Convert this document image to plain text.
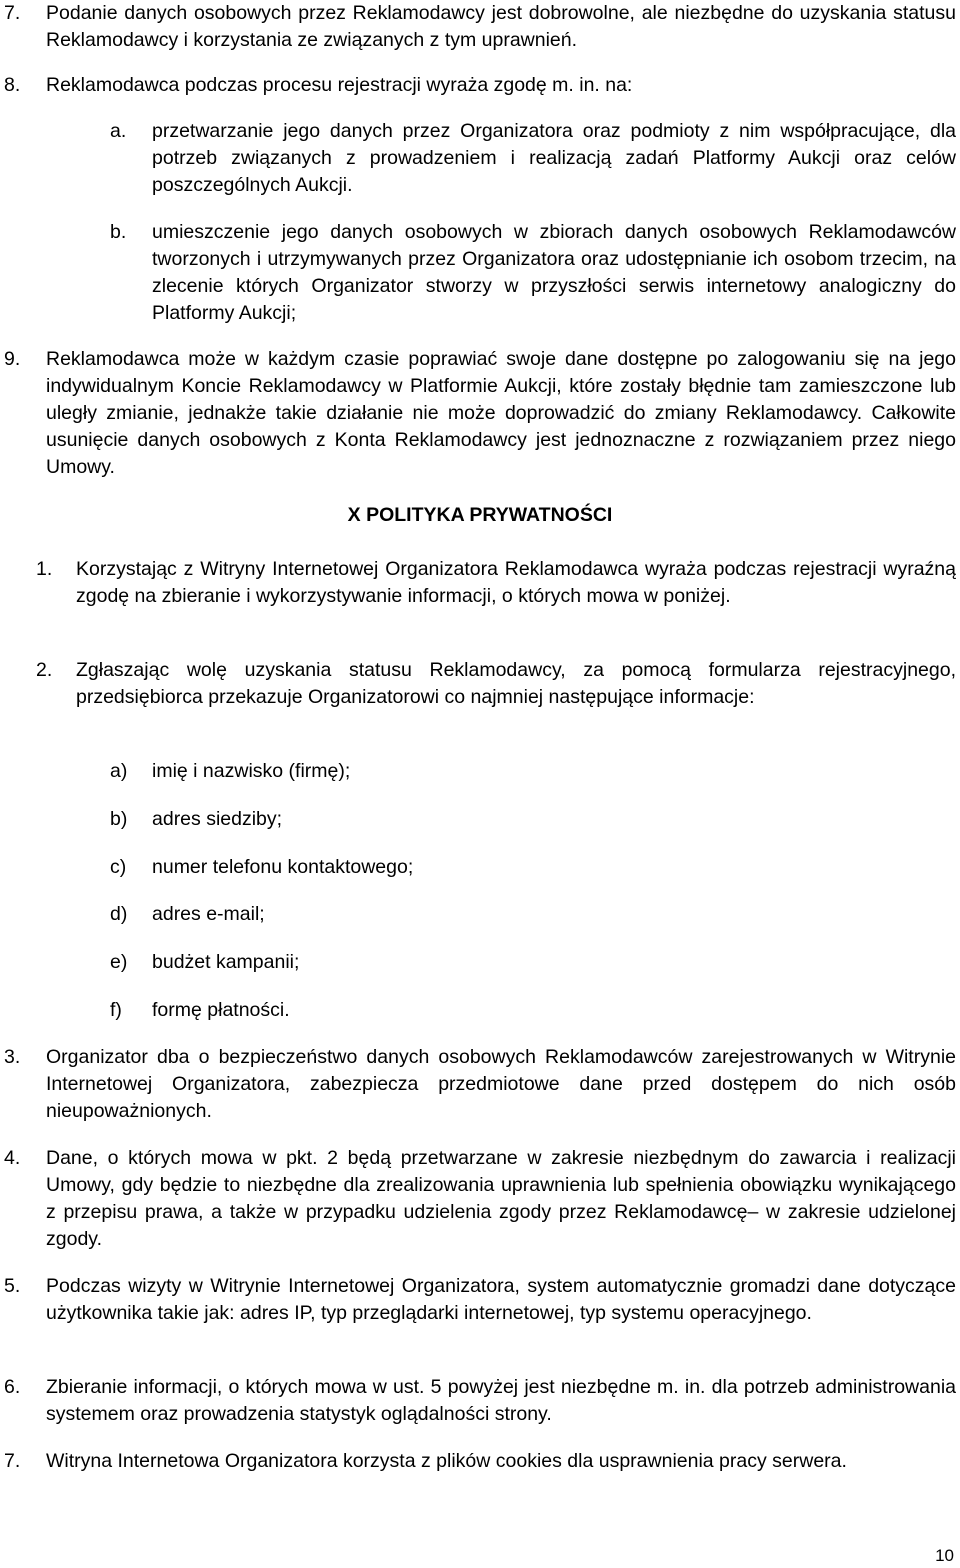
7. Podanie danych osobowych przez Reklamodawcy jest dobrowolne, ale niezbędne do uzyskania statusu Reklamodawcy i korzystania ze związanych z tym uprawnień.
8. Reklamodawca podczas procesu rejestracji wyraża zgodę m. in. na:
a. przetwarzanie jego danych przez Organizatora oraz podmioty z nim współpracujące, dla potrzeb związanych z prowadzeniem i realizacją zadań Platformy Aukcji oraz celów poszczególnych Aukcji.
b. umieszczenie jego danych osobowych w zbiorach danych osobowych Reklamodawców tworzonych i utrzymywanych przez Organizatora oraz udostępnianie ich osobom trzecim, na zlecenie których Organizator stworzy w przyszłości serwis internetowy analogiczny do Platformy Aukcji;
9. Reklamodawca może w każdym czasie poprawiać swoje dane dostępne po zalogowaniu się na jego indywidualnym Koncie Reklamodawcy w Platformie Aukcji, które zostały błędnie tam zamieszczone lub uległy zmianie, jednakże takie działanie nie może doprowadzić do zmiany Reklamodawcy. Całkowite usunięcie danych osobowych z Konta Reklamodawcy jest jednoznaczne z rozwiązaniem przez niego Umowy.
X POLITYKA PRYWATNOŚCI
1. Korzystając z Witryny Internetowej Organizatora Reklamodawca wyraża podczas rejestracji wyraźną zgodę na zbieranie i wykorzystywanie informacji, o których mowa w poniżej.
2. Zgłaszając wolę uzyskania statusu Reklamodawcy, za pomocą formularza rejestracyjnego, przedsiębiorca przekazuje Organizatorowi co najmniej następujące informacje:
a) imię i nazwisko (firmę);
b) adres siedziby;
c) numer telefonu kontaktowego;
d) adres e-mail;
e) budżet kampanii;
f) formę płatności.
3. Organizator dba o bezpieczeństwo danych osobowych Reklamodawców zarejestrowanych w Witrynie Internetowej Organizatora, zabezpiecza przedmiotowe dane przed dostępem do nich osób nieupoważnionych.
4. Dane, o których mowa w pkt. 2 będą przetwarzane w zakresie niezbędnym do zawarcia i realizacji Umowy, gdy będzie to niezbędne dla zrealizowania uprawnienia lub spełnienia obowiązku wynikającego z przepisu prawa, a także w przypadku udzielenia zgody przez Reklamodawcę– w zakresie udzielonej zgody.
5. Podczas wizyty w Witrynie Internetowej Organizatora, system automatycznie gromadzi dane dotyczące użytkownika takie jak: adres IP, typ przeglądarki internetowej, typ systemu operacyjnego.
6. Zbieranie informacji, o których mowa w ust. 5 powyżej jest niezbędne m. in. dla potrzeb administrowania systemem oraz prowadzenia statystyk oglądalności strony.
7. Witryna Internetowa Organizatora korzysta z plików cookies dla usprawnienia pracy serwera.
10
